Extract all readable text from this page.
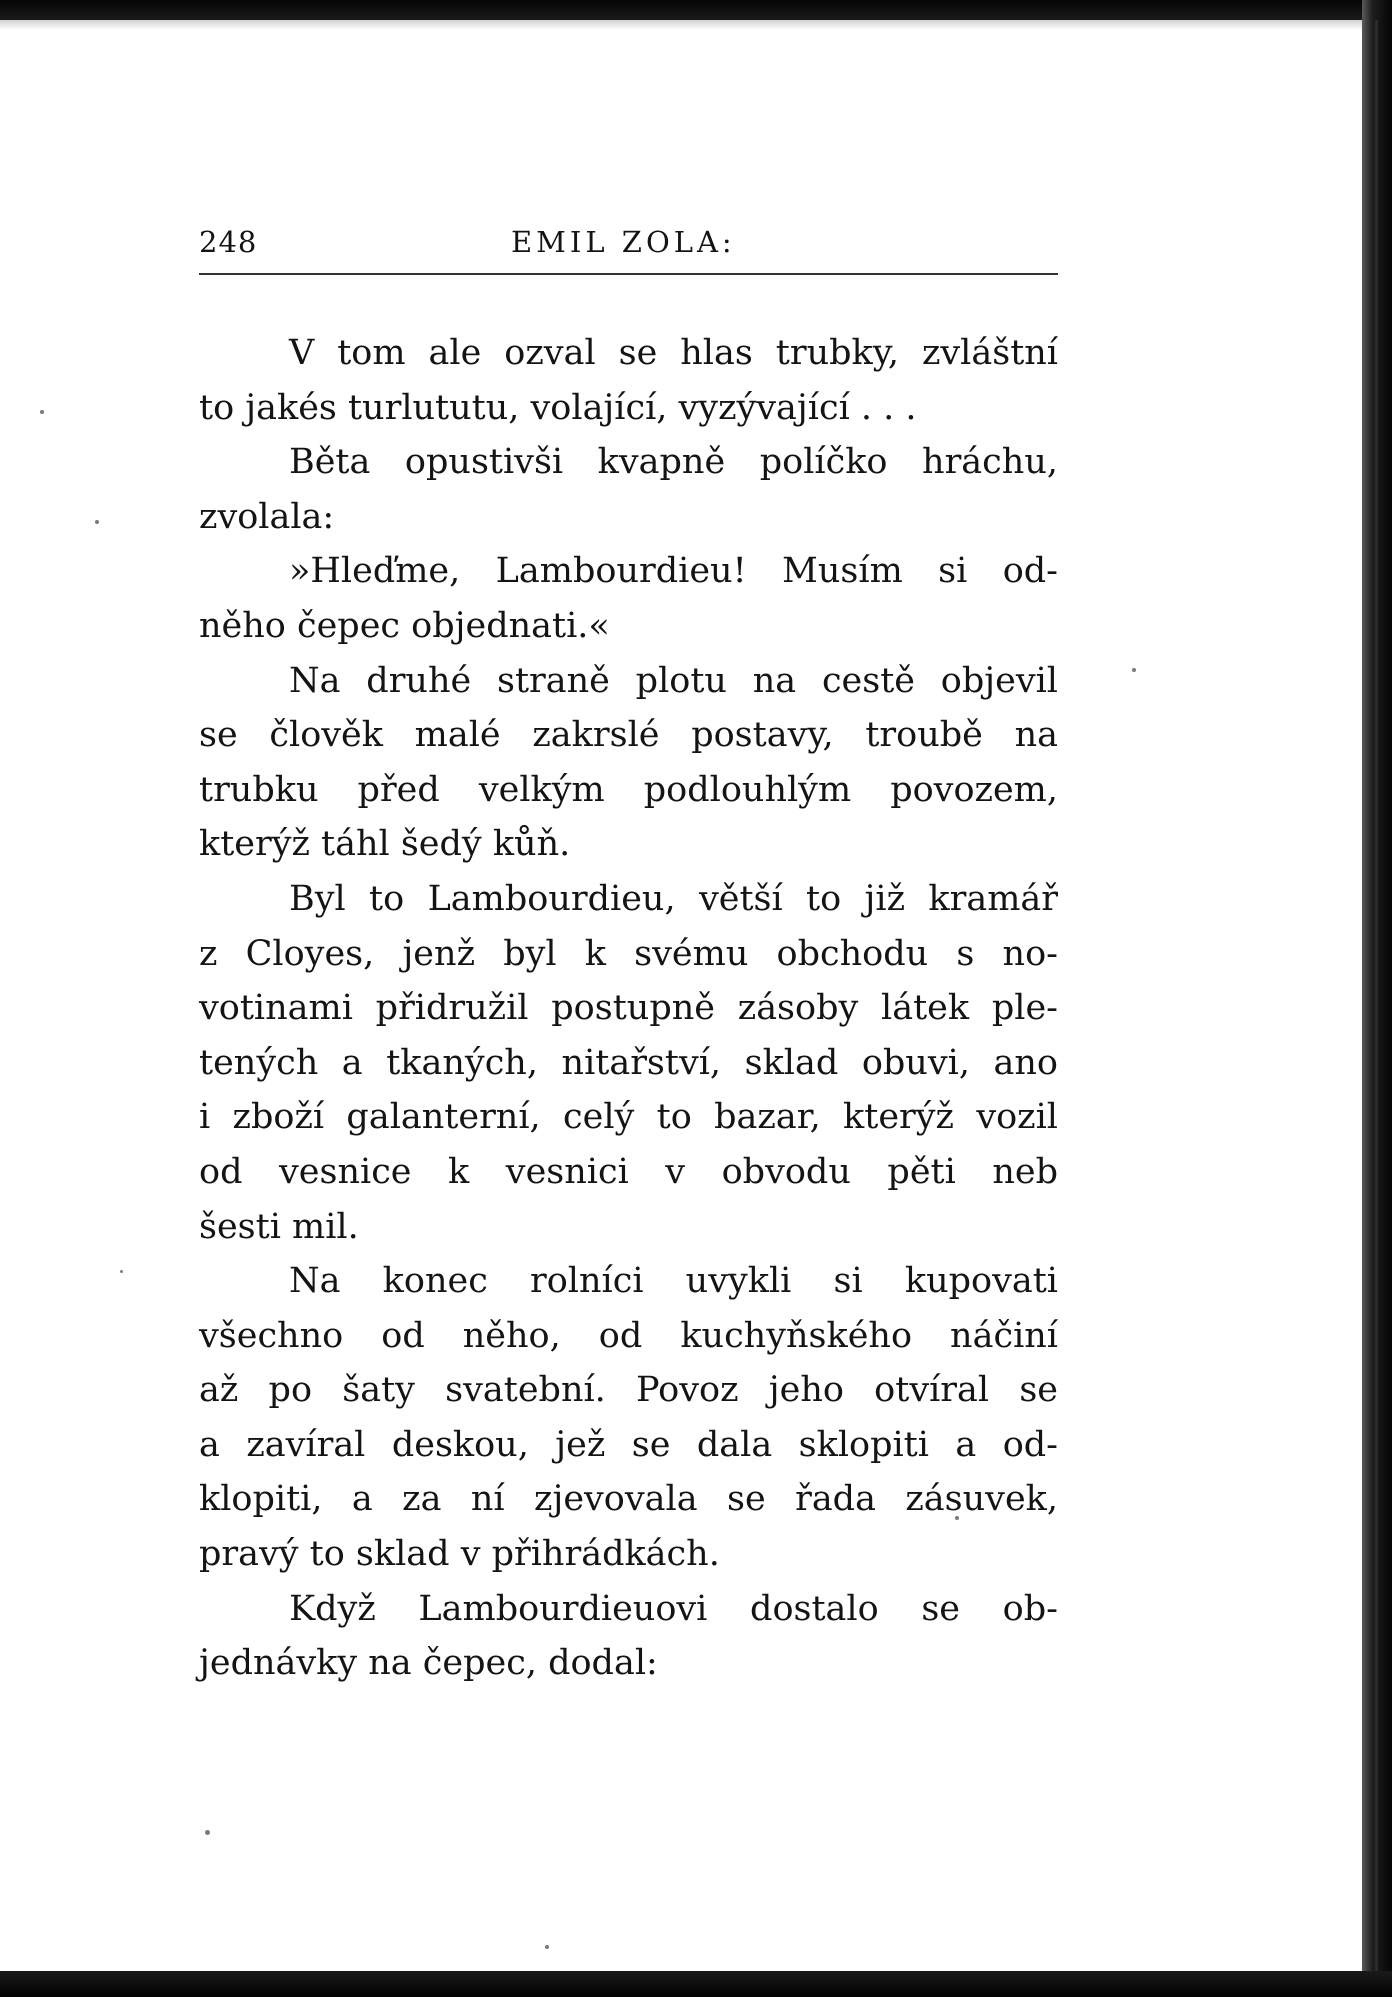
248	EMIL ZOLA:
V tom ale ozval se hlas trubky, zvláštní
to jakés turlututu, volající, vyzývající . . .
Běta opustivši kvapně políčko hráchu,
zvolala:
»Hleďme, Lambourdieu! Musím si od-
něho čepec objednati.«
Na druhé straně plotu na cestě objevil
se člověk malé zakrslé postavy, troubě na
trubku před velkým podlouhlým povozem,
kterýž táhl šedý kůň.
Byl to Lambourdieu, větší to již kramář
z Cloyes, jenž byl k svému obchodu s no-
votinami přidružil postupně zásoby látek ple-
tených a tkaných, nitařství, sklad obuvi, ano
i zboží galanterní, celý to bazar, kterýž vozil
od vesnice k vesnici v obvodu pěti neb
šesti mil.
Na konec rolníci uvykli si kupovati
všechno od něho, od kuchyňského náčiní
až po šaty svatební. Povoz jeho otvíral se
a zavíral deskou, jež se dala sklopiti a od-
klopiti, a za ní zjevovala se řada zásuvek,
pravý to sklad v přihrádkách.
Když Lambourdieuovi dostalo se ob-
jednávky na čepec, dodal:
